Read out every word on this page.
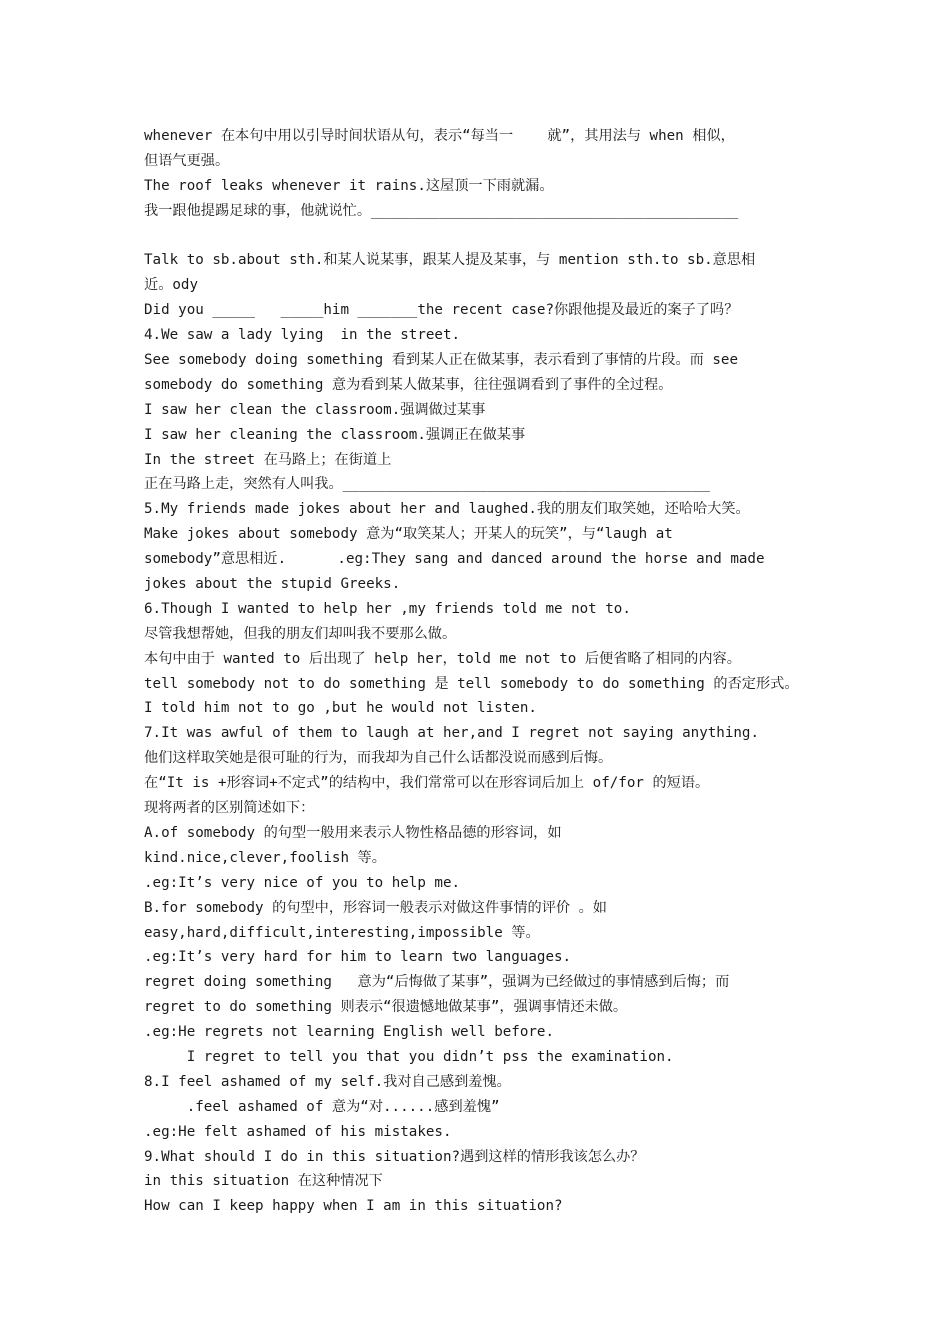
whenever 在本句中用以引导时间状语从句，表示“每当一    就”，其用法与 when 相似，
但语气更强。
The roof leaks whenever it rains.这屋顶一下雨就漏。
我一跟他提踢足球的事，他就说忙。___________________________________________
Talk to sb.about sth.和某人说某事，跟某人提及某事，与 mention sth.to sb.意思相
近。ody
Did you _____   _____him _______the recent case?你跟他提及最近的案子了吗？
4.We saw a lady lying  in the street.
See somebody doing something 看到某人正在做某事，表示看到了事情的片段。而 see
somebody do something 意为看到某人做某事，往往强调看到了事件的全过程。
I saw her clean the classroom.强调做过某事
I saw her cleaning the classroom.强调正在做某事
In the street 在马路上；在街道上
正在马路上走，突然有人叫我。___________________________________________
5.My friends made jokes about her and laughed.我的朋友们取笑她，还哈哈大笑。
Make jokes about somebody 意为“取笑某人；开某人的玩笑”，与“laugh at
somebody”意思相近.      .eg:They sang and danced around the horse and made
jokes about the stupid Greeks.
6.Though I wanted to help her ,my friends told me not to.
尽管我想帮她，但我的朋友们却叫我不要那么做。
本句中由于 wanted to 后出现了 help her，told me not to 后便省略了相同的内容。
tell somebody not to do something 是 tell somebody to do something 的否定形式。
I told him not to go ,but he would not listen.
7.It was awful of them to laugh at her,and I regret not saying anything.
他们这样取笑她是很可耻的行为，而我却为自己什么话都没说而感到后悔。
在“It is +形容词+不定式”的结构中，我们常常可以在形容词后加上 of/for 的短语。
现将两者的区别简述如下：
A.of somebody 的句型一般用来表示人物性格品德的形容词，如
kind.nice,clever,foolish 等。
.eg:It’s very nice of you to help me.
B.for somebody 的句型中，形容词一般表示对做这件事情的评价 。如
easy,hard,difficult,interesting,impossible 等。
.eg:It’s very hard for him to learn two languages.
regret doing something   意为“后悔做了某事”，强调为已经做过的事情感到后悔；而
regret to do something 则表示“很遗憾地做某事”，强调事情还未做。
.eg:He regrets not learning English well before.
I regret to tell you that you didn’t pss the examination.
8.I feel ashamed of my self.我对自己感到羞愧。
.feel ashamed of 意为“对......感到羞愧”
.eg:He felt ashamed of his mistakes.
9.What should I do in this situation?遇到这样的情形我该怎么办？
in this situation 在这种情况下
How can I keep happy when I am in this situation?
